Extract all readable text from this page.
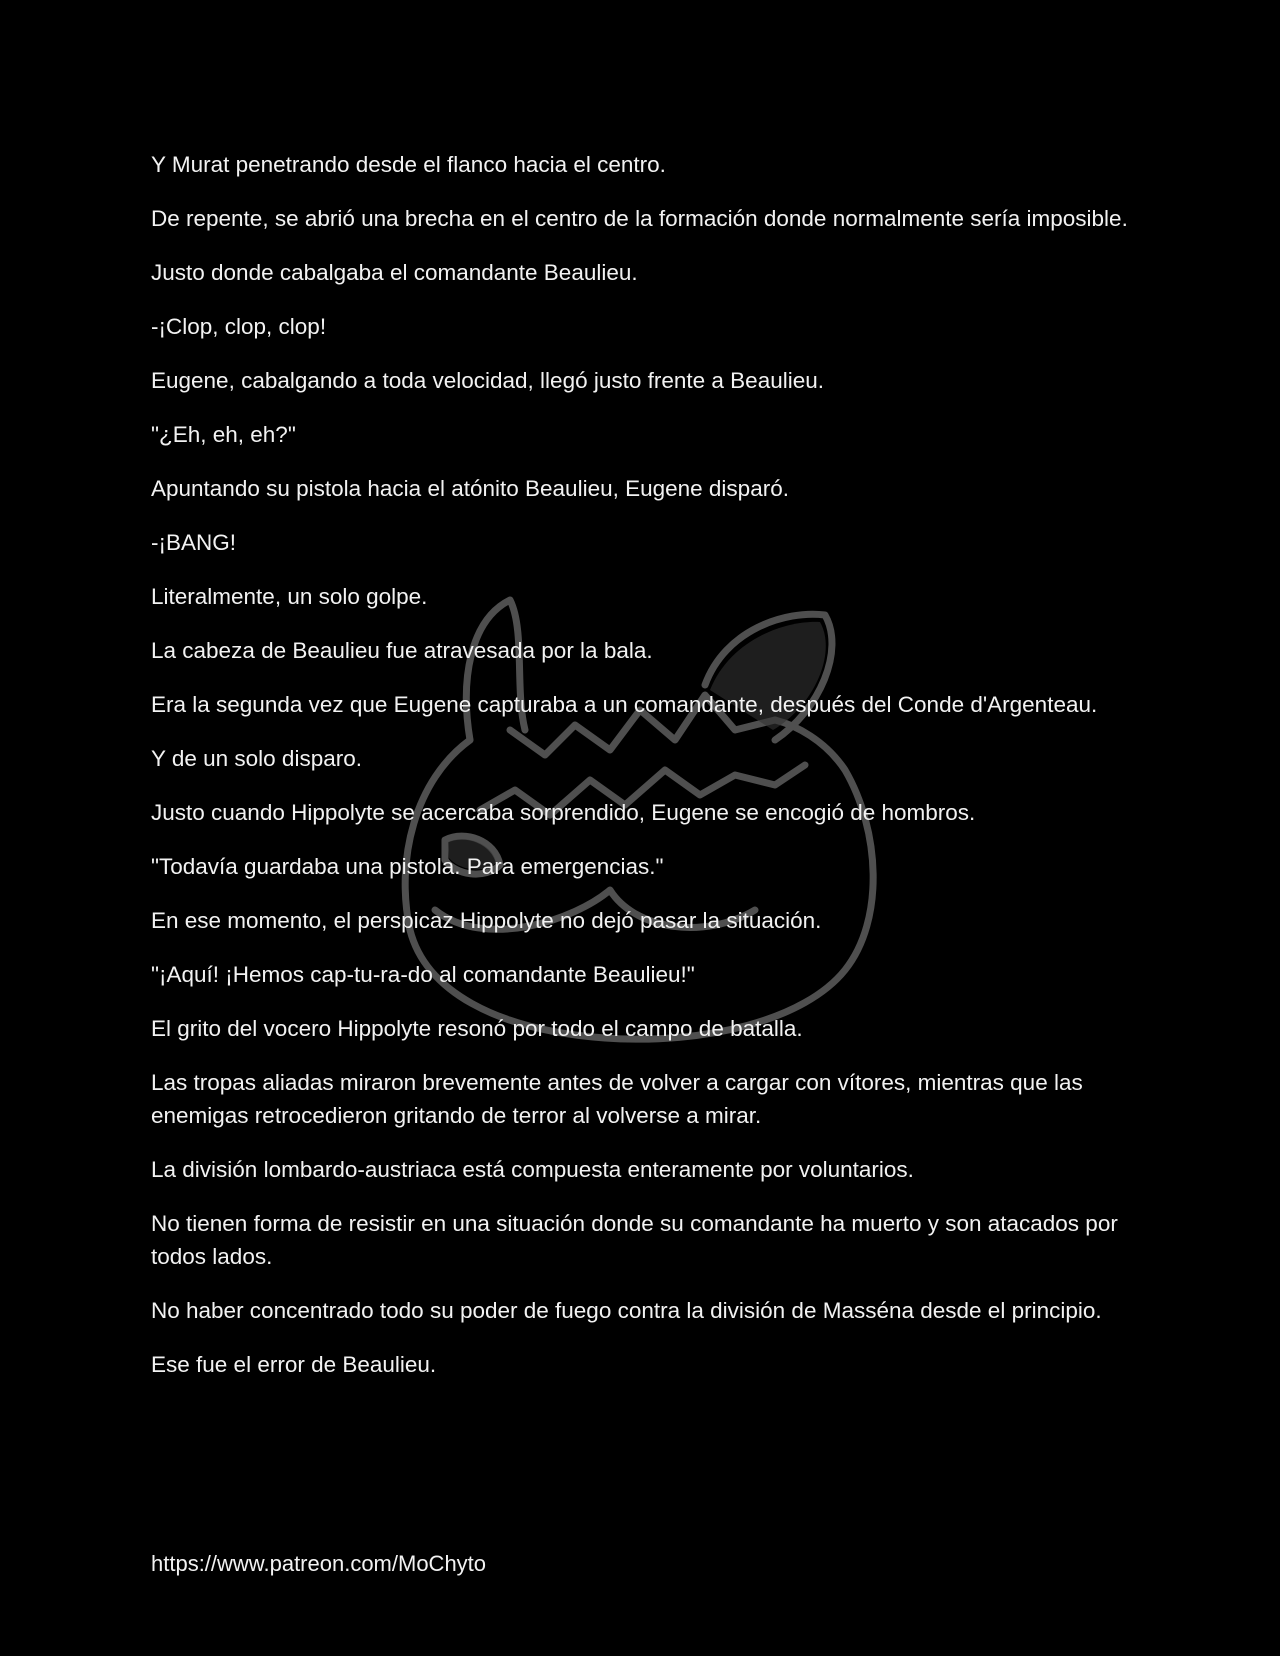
Y Murat penetrando desde el flanco hacia el centro.

De repente, se abrió una brecha en el centro de la formación donde normalmente sería imposible.

Justo donde cabalgaba el comandante Beaulieu.

-¡Clop, clop, clop!

Eugene, cabalgando a toda velocidad, llegó justo frente a Beaulieu.

"¿Eh, eh, eh?"

Apuntando su pistola hacia el atónito Beaulieu, Eugene disparó.

-¡BANG!

Literalmente, un solo golpe.

La cabeza de Beaulieu fue atravesada por la bala.

Era la segunda vez que Eugene capturaba a un comandante, después del Conde d'Argenteau.

Y de un solo disparo.

Justo cuando Hippolyte se acercaba sorprendido, Eugene se encogió de hombros.

"Todavía guardaba una pistola. Para emergencias."

En ese momento, el perspicaz Hippolyte no dejó pasar la situación.

"¡Aquí! ¡Hemos cap-tu-ra-do al comandante Beaulieu!"

El grito del vocero Hippolyte resonó por todo el campo de batalla.

Las tropas aliadas miraron brevemente antes de volver a cargar con vítores, mientras que las enemigas retrocedieron gritando de terror al volverse a mirar.

La división lombardo-austriaca está compuesta enteramente por voluntarios.

No tienen forma de resistir en una situación donde su comandante ha muerto y son atacados por todos lados.

No haber concentrado todo su poder de fuego contra la división de Masséna desde el principio.

Ese fue el error de Beaulieu.

https://www.patreon.com/MoChyto
